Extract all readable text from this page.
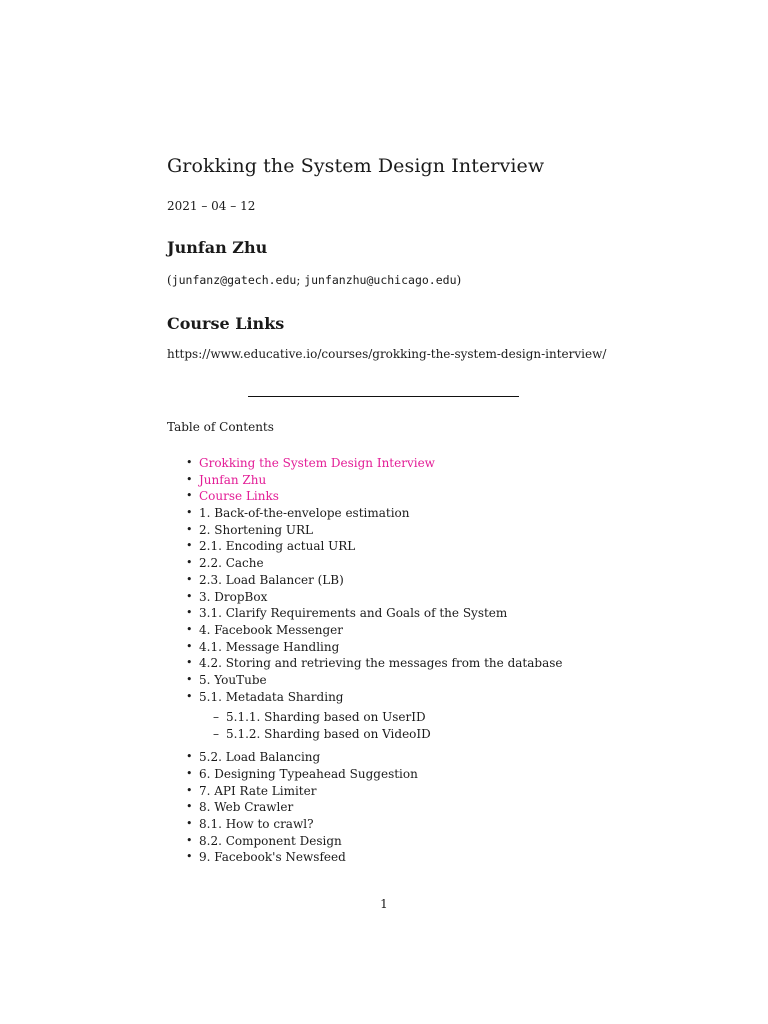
Grokking the System Design Interview
2021 – 04 – 12
Junfan Zhu
(junfanz@gatech.edu; junfanzhu@uchicago.edu)
Course Links
https://www.educative.io/courses/grokking-the-system-design-interview/
Table of Contents
• Grokking the System Design Interview
• Junfan Zhu
• Course Links
• 1. Back-of-the-envelope estimation
• 2. Shortening URL
• 2.1. Encoding actual URL
• 2.2. Cache
• 2.3. Load Balancer (LB)
• 3. DropBox
• 3.1. Clarify Requirements and Goals of the System
• 4. Facebook Messenger
• 4.1. Message Handling
• 4.2. Storing and retrieving the messages from the database
• 5. YouTube
• 5.1. Metadata Sharding
– 5.1.1. Sharding based on UserID
– 5.1.2. Sharding based on VideoID
• 5.2. Load Balancing
• 6. Designing Typeahead Suggestion
• 7. API Rate Limiter
• 8. Web Crawler
• 8.1. How to crawl?
• 8.2. Component Design
• 9. Facebook's Newsfeed
1
